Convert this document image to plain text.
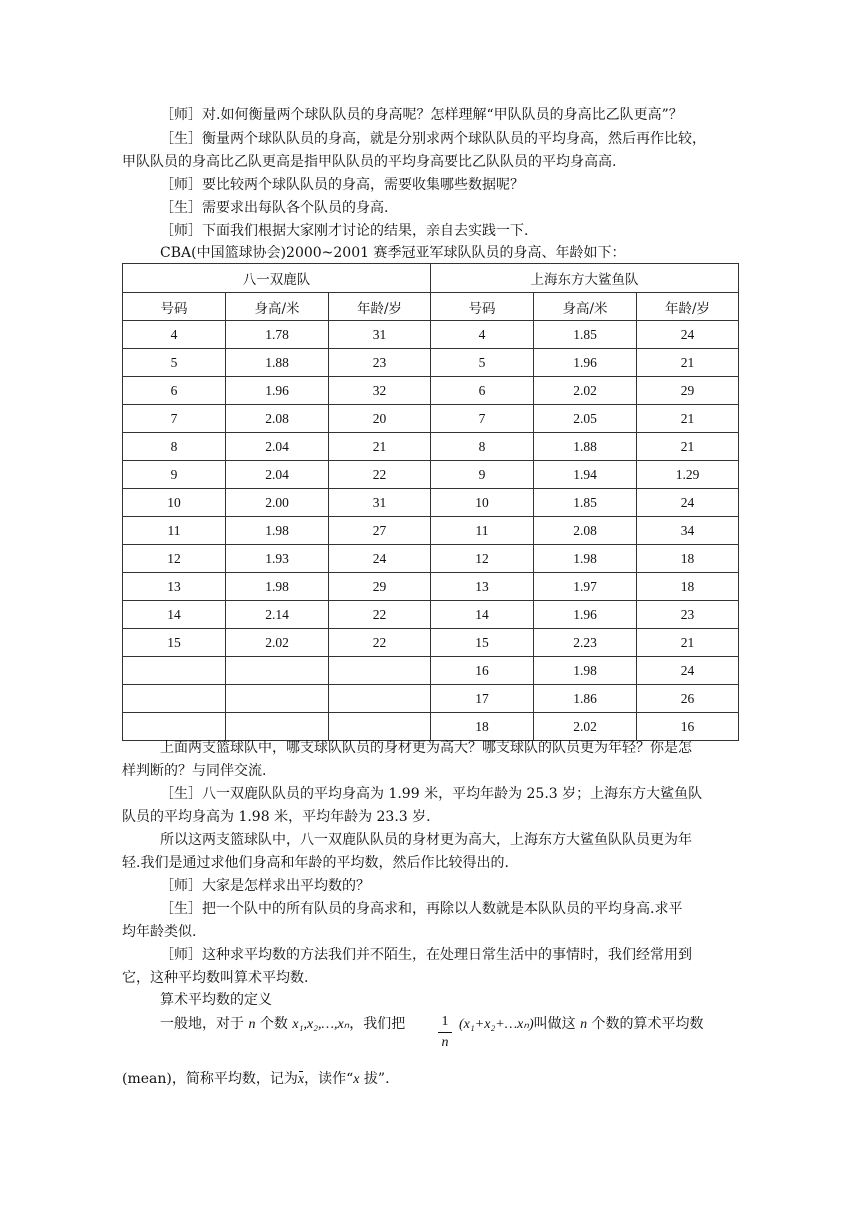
［师］对.如何衡量两个球队队员的身高呢？怎样理解“甲队队员的身高比乙队更高”？
［生］衡量两个球队队员的身高，就是分别求两个球队队员的平均身高，然后再作比较，
甲队队员的身高比乙队更高是指甲队队员的平均身高要比乙队队员的平均身高高.
［师］要比较两个球队队员的身高，需要收集哪些数据呢？
［生］需要求出每队各个队员的身高.
［师］下面我们根据大家刚才讨论的结果，亲自去实践一下.
CBA(中国篮球协会)2000~2001 赛季冠亚军球队队员的身高、年龄如下：
八一双鹿队			上海东方大鲨鱼队		
号码	身高/米	年龄/岁	号码	身高/米	年龄/岁
4	1.78	31	4	1.85	24
5	1.88	23	5	1.96	21
6	1.96	32	6	2.02	29
7	2.08	20	7	2.05	21
8	2.04	21	8	1.88	21
9	2.04	22	9	1.94	1.29
10	2.00	31	10	1.85	24
11	1.98	27	11	2.08	34
12	1.93	24	12	1.98	18
13	1.98	29	13	1.97	18
14	2.14	22	14	1.96	23
15	2.02	22	15	2.23	21
			16	1.98	24
			17	1.86	26
			18	2.02	16
上面两支篮球队中，哪支球队队员的身材更为高大？哪支球队的队员更为年轻？你是怎
样判断的？与同伴交流.
［生］八一双鹿队队员的平均身高为 1.99 米，平均年龄为 25.3 岁；上海东方大鲨鱼队
队员的平均身高为 1.98 米，平均年龄为 23.3 岁.
所以这两支篮球队中，八一双鹿队队员的身材更为高大，上海东方大鲨鱼队队员更为年
轻.我们是通过求他们身高和年龄的平均数，然后作比较得出的.
［师］大家是怎样求出平均数的？
［生］把一个队中的所有队员的身高求和，再除以人数就是本队队员的平均身高.求平
均年龄类似.
［师］这种求平均数的方法我们并不陌生，在处理日常生活中的事情时，我们经常用到
它，这种平均数叫算术平均数.
算术平均数的定义
一般地，对于 n 个数 x₁,x₂,…,xₙ，我们把	1
n
(x₁+x₂+…xₙ)叫做这 n 个数的算术平均数
(mean)，简称平均数，记为x，读作“x 拔”.
